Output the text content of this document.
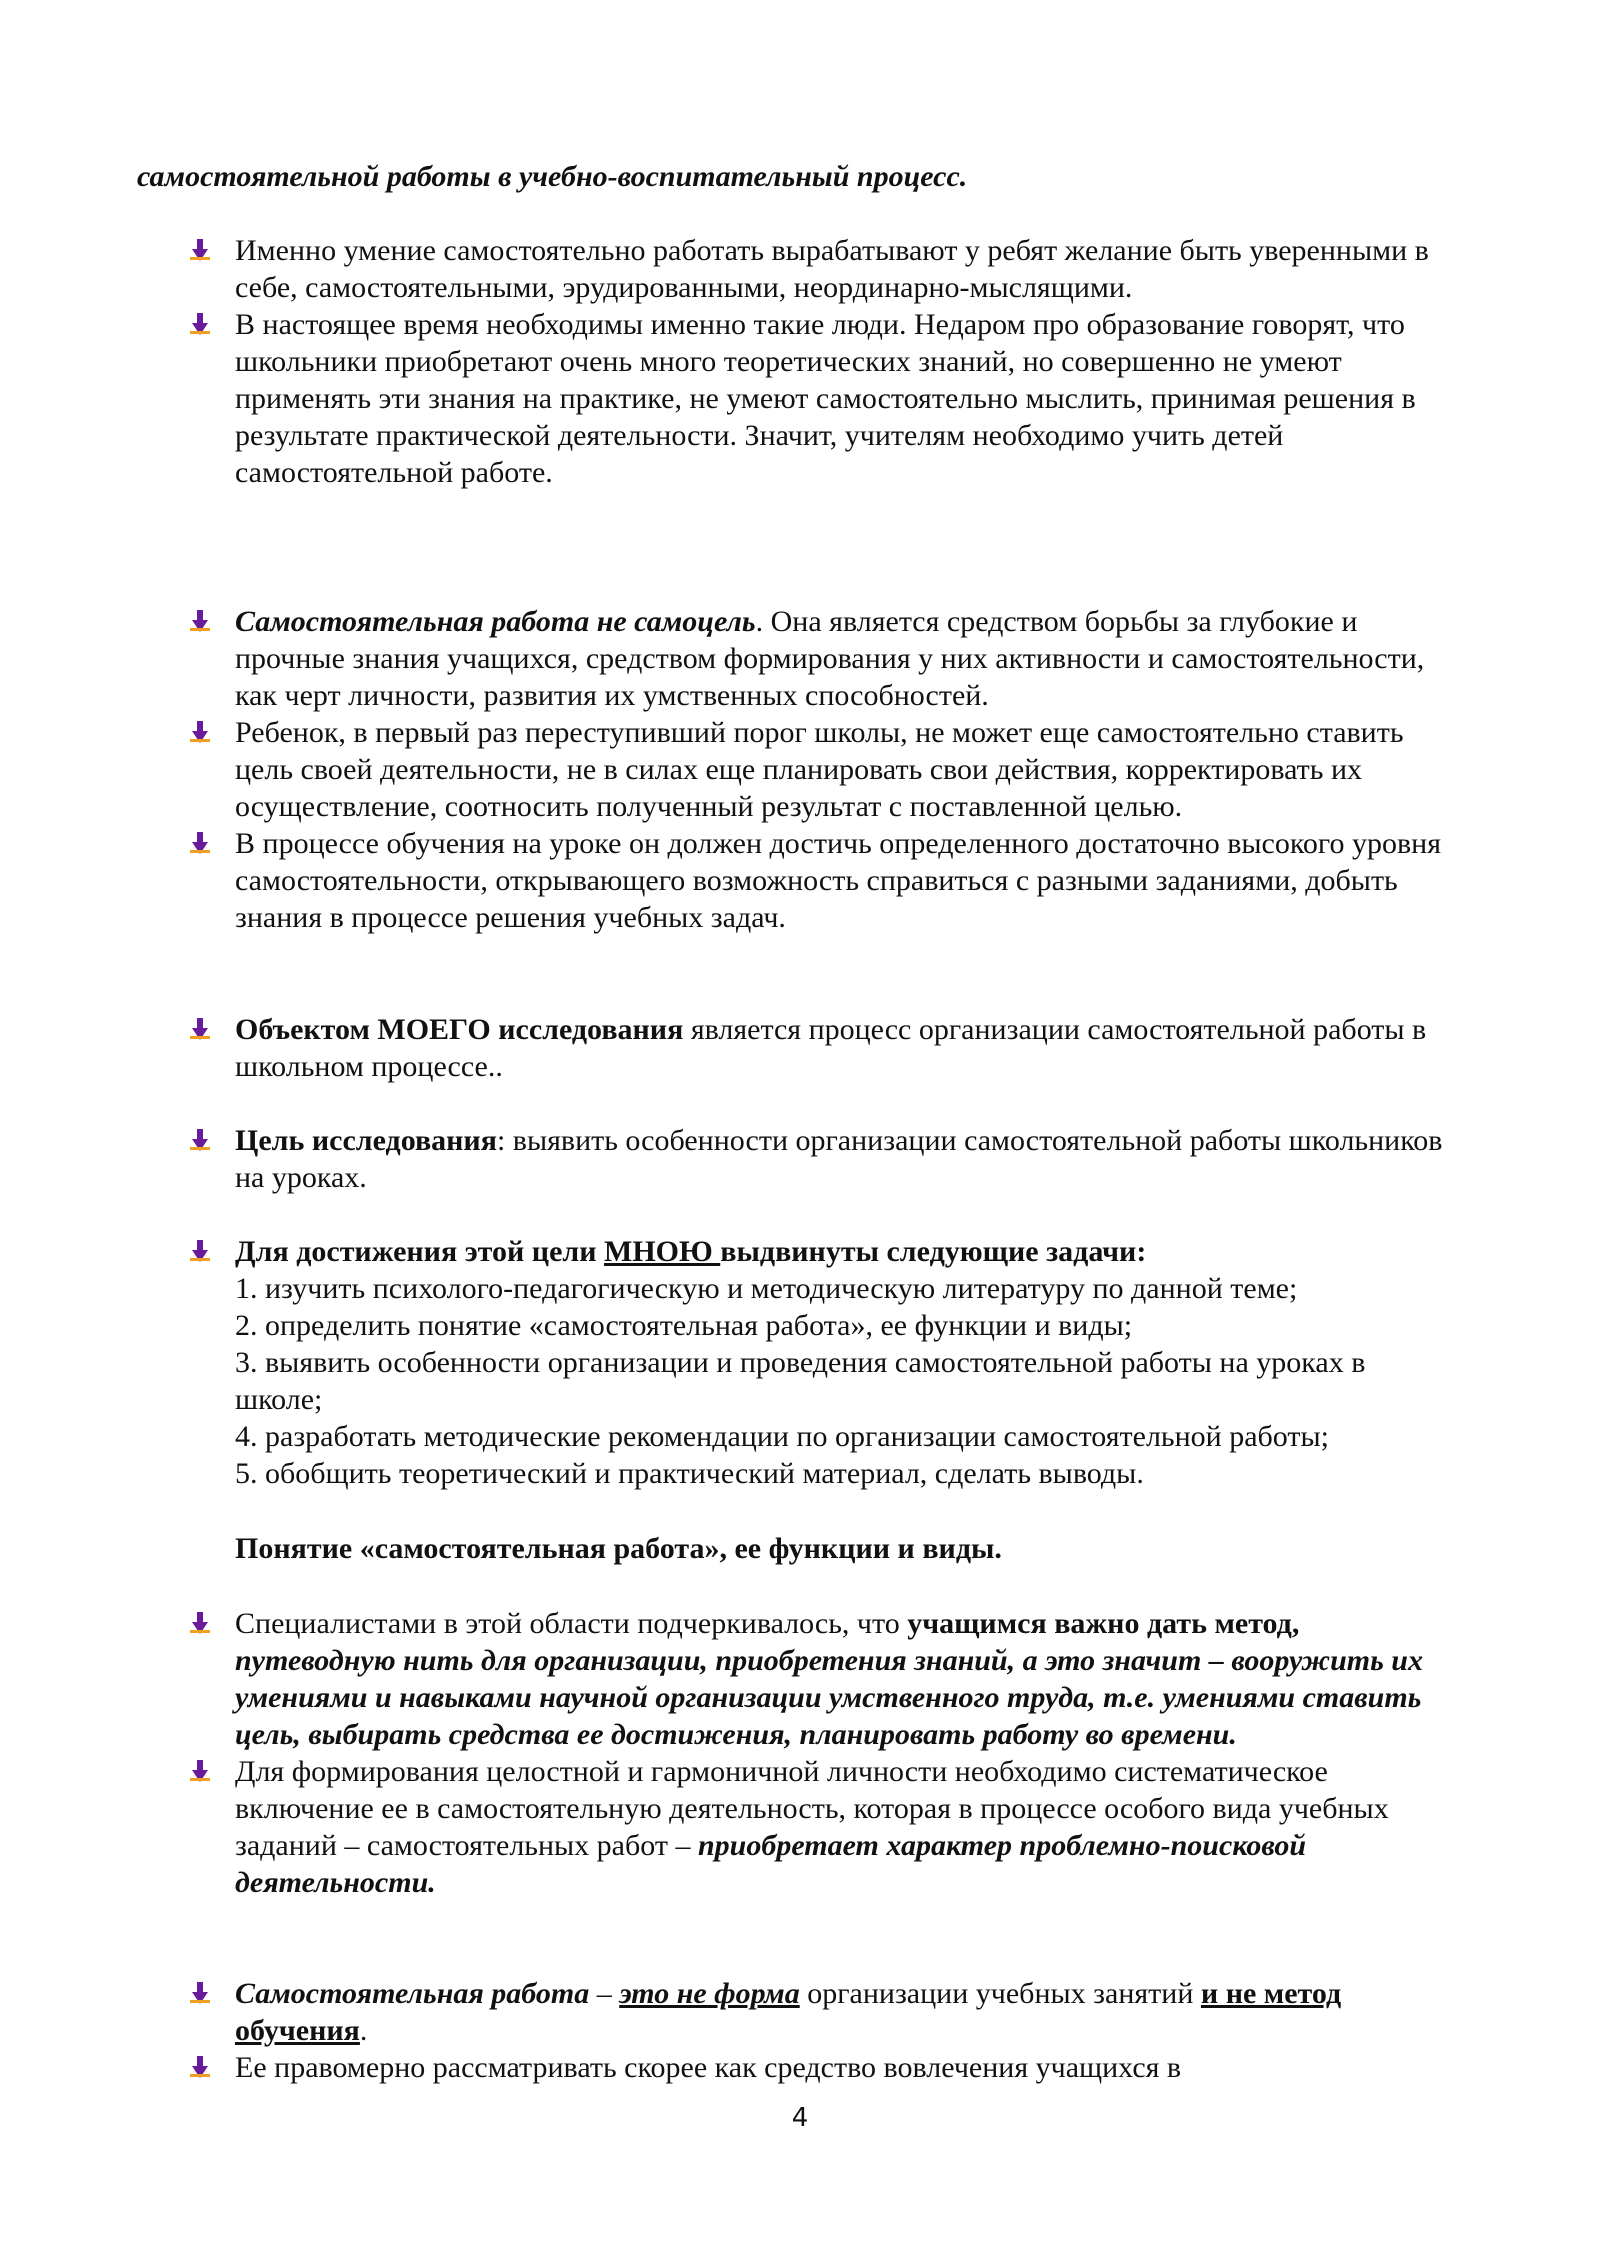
самостоятельной работы в учебно-воспитательный процесс.
Именно умение самостоятельно работать вырабатывают у ребят желание быть уверенными в себе, самостоятельными, эрудированными, неординарно-мыслящими.
В настоящее время необходимы именно такие люди. Недаром про образование говорят, что школьники приобретают очень много теоретических знаний, но совершенно не умеют применять эти знания на практике, не умеют самостоятельно мыслить, принимая решения в результате практической деятельности. Значит, учителям необходимо учить детей самостоятельной работе.
Самостоятельная работа не самоцель. Она является средством борьбы за глубокие и прочные знания учащихся, средством формирования у них активности и самостоятельности, как черт личности, развития их умственных способностей.
Ребенок, в первый раз переступивший порог школы, не может еще самостоятельно ставить цель своей деятельности, не в силах еще планировать свои действия, корректировать их осуществление, соотносить полученный результат с поставленной целью.
В процессе обучения на уроке он должен достичь определенного достаточно высокого уровня самостоятельности, открывающего возможность справиться с разными заданиями, добыть знания в процессе решения учебных задач.
Объектом МОЕГО исследования является процесс организации самостоятельной работы в школьном процессе..
Цель исследования: выявить особенности организации самостоятельной работы школьников на уроках.
Для достижения этой цели МНОЮ выдвинуты следующие задачи:
1. изучить психолого-педагогическую и методическую литературу по данной теме;
2. определить понятие «самостоятельная работа», ее функции и виды;
3. выявить особенности организации и проведения самостоятельной работы на уроках в школе;
4. разработать методические рекомендации по организации самостоятельной работы;
5. обобщить теоретический и практический материал, сделать выводы.
Понятие «самостоятельная работа», ее функции и виды.
Специалистами в этой области подчеркивалось, что учащимся важно дать метод, путеводную нить для организации, приобретения знаний, а это значит – вооружить их умениями и навыками научной организации умственного труда, т.е. умениями ставить цель, выбирать средства ее достижения, планировать работу во времени.
Для формирования целостной и гармоничной личности необходимо систематическое включение ее в самостоятельную деятельность, которая в процессе особого вида учебных заданий – самостоятельных работ – приобретает характер проблемно-поисковой деятельности.
Самостоятельная работа – это не форма организации учебных занятий и не метод обучения.
Ее правомерно рассматривать скорее как средство вовлечения учащихся в
4
